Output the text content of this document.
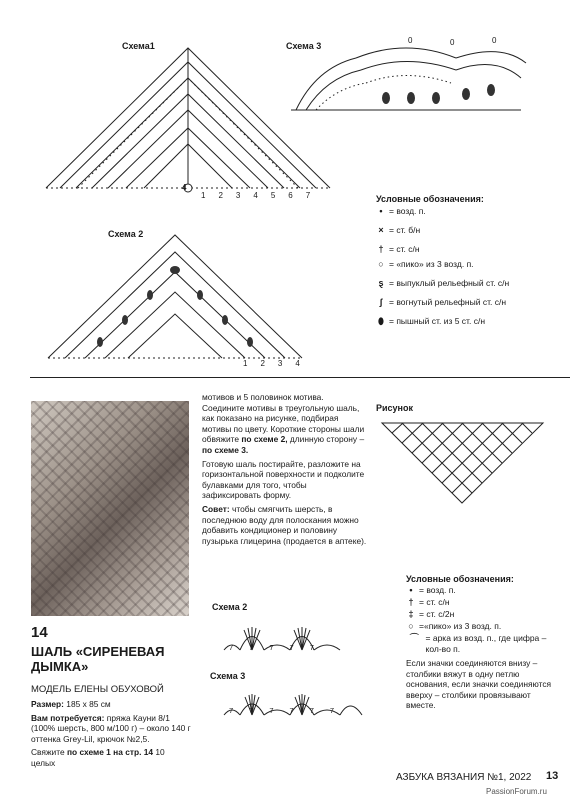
Схема1
4
1 2 3 4 5 6 7
Схема 3
0	0	0
Условные обозначения:
• = возд. п.
× = ст. б/н
† = ст. с/н
○ = «пико» из 3 возд. п.
ȿ = выпуклый рельефный ст. с/н
ʃ = вогнутый рельефный ст. с/н
⬮ = пышный ст. из 5 ст. с/н
Схема 2
1 2 3 4
14
ШАЛЬ «СИРЕНЕВАЯ
ДЫМКА»
МОДЕЛЬ ЕЛЕНЫ ОБУХОВОЙ
Размер: 185 х 85 см
Вам потребуется: пряжа Кауни 8/1 (100% шерсть, 800 м/100 г) – около 140 г оттенка Grey-Lil, крючок №2,5.
Свяжите по схеме 1 на стр. 14 10 целых
мотивов и 5 половинок мотива. Соедините мотивы в треугольную шаль, как показано на рисунке, подбирая мотивы по цвету. Короткие стороны шали обвяжите по схеме 2, длинную сторону – по схеме 3.
Готовую шаль постирайте, разложите на горизонтальной поверхности и подколите булавками для того, чтобы зафиксировать форму.
Совет: чтобы смягчить шерсть, в последнюю воду для полоскания можно добавить кондиционер и половину пузырька глицерина (продается в аптеке).
Рисунок
Схема 2
7 7 7 7 7
Схема 3
7 7 7 7 7 7
Условные обозначения:
• = возд. п.
† = ст. с/н
‡ = ст. с/2н
○ =«пико» из 3 возд. п.
⌒ = арка из возд. п., где цифра – кол-во п.
Если значки соединяются внизу – столбики вяжут в одну петлю основания, если значки соединяются вверху – столбики провязывают вместе.
АЗБУКА ВЯЗАНИЯ №1, 2022 13
PassionForum.ru
